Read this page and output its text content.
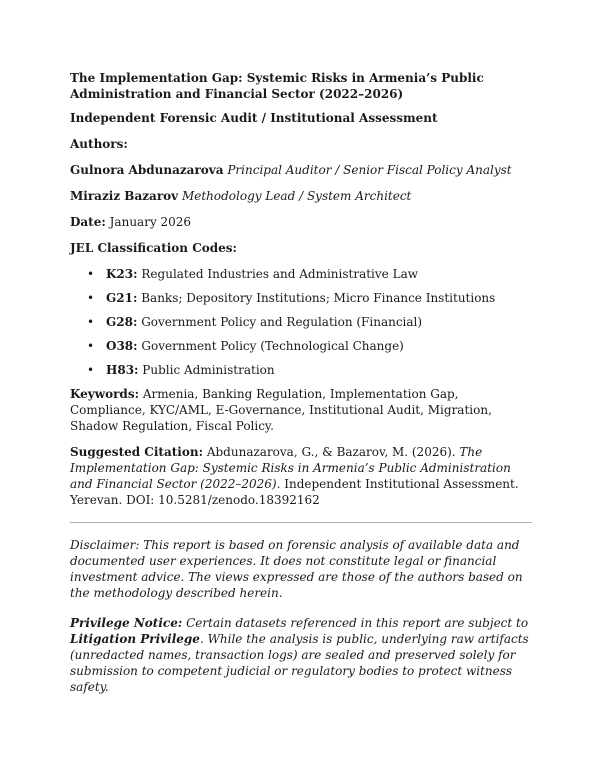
The Implementation Gap: Systemic Risks in Armenia’s Public Administration and Financial Sector (2022–2026)
Independent Forensic Audit / Institutional Assessment
Authors:
Gulnora Abdunazarova Principal Auditor / Senior Fiscal Policy Analyst
Miraziz Bazarov Methodology Lead / System Architect
Date: January 2026
JEL Classification Codes:
• K23: Regulated Industries and Administrative Law
• G21: Banks; Depository Institutions; Micro Finance Institutions
• G28: Government Policy and Regulation (Financial)
• O38: Government Policy (Technological Change)
• H83: Public Administration
Keywords: Armenia, Banking Regulation, Implementation Gap, Compliance, KYC/AML, E-Governance, Institutional Audit, Migration, Shadow Regulation, Fiscal Policy.
Suggested Citation: Abdunazarova, G., & Bazarov, M. (2026). The Implementation Gap: Systemic Risks in Armenia’s Public Administration and Financial Sector (2022–2026). Independent Institutional Assessment. Yerevan. DOI: 10.5281/zenodo.18392162
Disclaimer: This report is based on forensic analysis of available data and documented user experiences. It does not constitute legal or financial investment advice. The views expressed are those of the authors based on the methodology described herein.
Privilege Notice: Certain datasets referenced in this report are subject to Litigation Privilege. While the analysis is public, underlying raw artifacts (unredacted names, transaction logs) are sealed and preserved solely for submission to competent judicial or regulatory bodies to protect witness safety.
